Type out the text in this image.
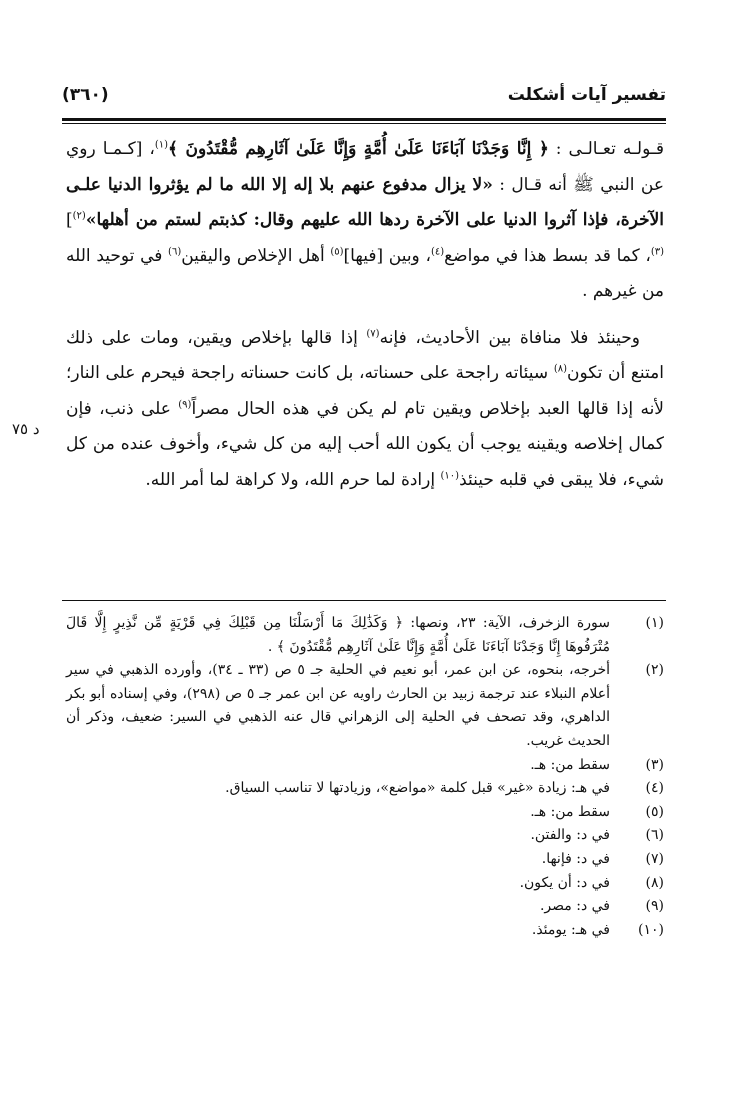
تفسير آيات أشكلت
(٣٦٠)

قـولـه تعـالـى : ﴿ إِنَّا وَجَدْنَا آبَاءَنَا عَلَىٰ أُمَّةٍ وَإِنَّا عَلَىٰ آثَارِهِم مُّقْتَدُونَ ﴾$^{(١)}$، [كـمـا روي عن النبي ﷺ أنه قـال : «لا يزال مدفوع عنهم بلا إله إلا الله ما لم يؤثروا الدنيا علـى الآخرة، فإذا آثروا الدنيا على الآخرة ردها الله عليهم وقال: كذبتم لستم من أهلها»$^{(٢)}$]$^{(٣)}$، كما قد بسط هذا في مواضع$^{(٤)}$، وبين [فيها]$^{(٥)}$ أهل الإخلاص واليقين$^{(٦)}$ في توحيد الله من غيرهم .

وحينئذ فلا منافاة بين الأحاديث، فإنه$^{(٧)}$ إذا قالها بإخلاص ويقين، ومات على ذلك امتنع أن تكون$^{(٨)}$ سيئاته راجحة على حسناته، بل كانت حسناته راجحة فيحرم على النار؛ لأنه إذا قالها العبد بإخلاص ويقين تام لم يكن في هذه الحال مصراً$^{(٩)}$ على ذنب، فإن كمال إخلاصه ويقينه يوجب أن يكون الله أحب إليه من كل شيء، وأخوف عنده من كل شيء، فلا يبقى في قلبه حينئذ$^{(١٠)}$ إرادة لما حرم الله، ولا كراهة لما أمر الله.

د ٧٥
(١)
سورة الزخرف، الآية: ٢٣، ونصها: ﴿ وَكَذَٰلِكَ مَا أَرْسَلْنَا مِن قَبْلِكَ فِي قَرْيَةٍ مِّن نَّذِيرٍ إِلَّا قَالَ مُتْرَفُوهَا إِنَّا وَجَدْنَا آبَاءَنَا عَلَىٰ أُمَّةٍ وَإِنَّا عَلَىٰ آثَارِهِم مُّقْتَدُونَ ﴾ .
(٢)
أخرجه، بنحوه، عن ابن عمر، أبو نعيم في الحلية جـ ٥ ص (٣٣ ـ ٣٤)، وأورده الذهبي في سير أعلام النبلاء عند ترجمة زبيد بن الحارث راويه عن ابن عمر جـ ٥ ص (٢٩٨)، وفي إسناده أبو بكر الداهري، وقد تصحف في الحلية إلى الزهراني قال عنه الذهبي في السير: ضعيف، وذكر أن الحديث غريب.
(٣)
سقط من: هـ.
(٤)
في هـ: زيادة «غير» قبل كلمة «مواضع»، وزيادتها لا تناسب السياق.
(٥)
سقط من: هـ.
(٦)
في د: والفتن.
(٧)
في د: فإنها.
(٨)
في د: أن يكون.
(٩)
في د: مصر.
(١٠)
في هـ: يومئذ.
